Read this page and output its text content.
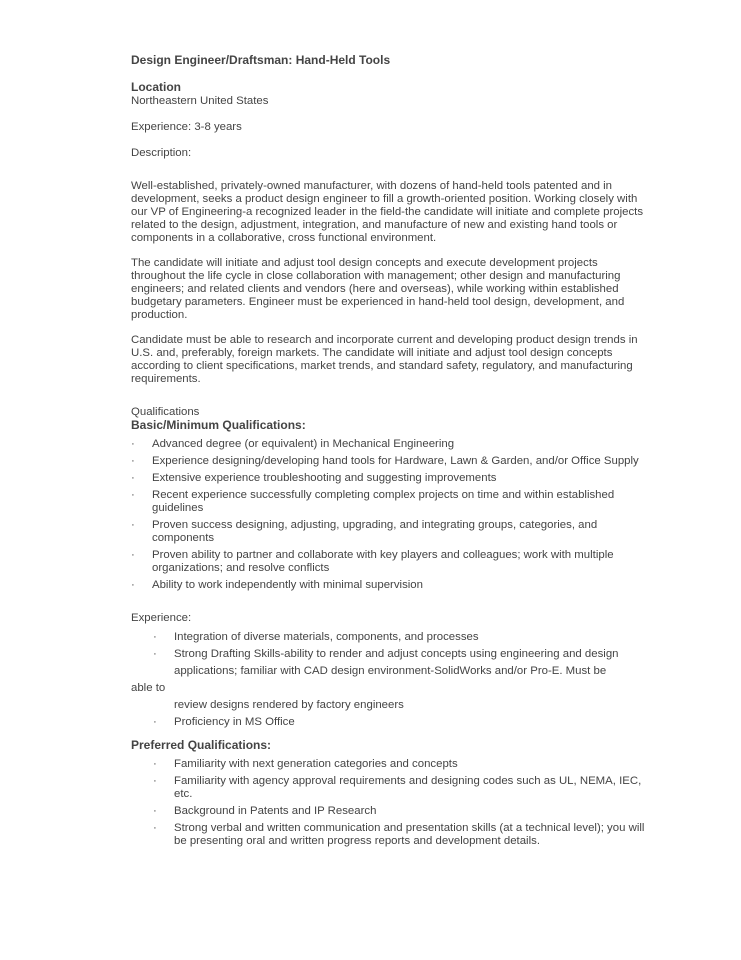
Design Engineer/Draftsman: Hand-Held Tools
Location
Northeastern United States
Experience: 3-8 years
Description:
Well-established, privately-owned manufacturer, with dozens of hand-held tools patented and in development, seeks a product design engineer to fill a growth-oriented position. Working closely with our VP of Engineering-a recognized leader in the field-the candidate will initiate and complete projects related to the design, adjustment, integration, and manufacture of new and existing hand tools or components in a collaborative, cross functional environment.
The candidate will initiate and adjust tool design concepts and execute development projects throughout the life cycle in close collaboration with management; other design and manufacturing engineers; and related clients and vendors (here and overseas), while working within established budgetary parameters. Engineer must be experienced in hand-held tool design, development, and production.
Candidate must be able to research and incorporate current and developing product design trends in U.S. and, preferably, foreign markets. The candidate will initiate and adjust tool design concepts according to client specifications, market trends, and standard safety, regulatory, and manufacturing requirements.
Qualifications
Basic/Minimum Qualifications:
· Advanced degree (or equivalent) in Mechanical Engineering
· Experience designing/developing hand tools for Hardware, Lawn & Garden, and/or Office Supply
· Extensive experience troubleshooting and suggesting improvements
· Recent experience successfully completing complex projects on time and within established guidelines
· Proven success designing, adjusting, upgrading, and integrating groups, categories, and components
· Proven ability to partner and collaborate with key players and colleagues; work with multiple organizations; and resolve conflicts
· Ability to work independently with minimal supervision
Experience:
· Integration of diverse materials, components, and processes
· Strong Drafting Skills-ability to render and adjust concepts using engineering and design
applications; familiar with CAD design environment-SolidWorks and/or Pro-E. Must be
able to
review designs rendered by factory engineers
· Proficiency in MS Office
Preferred Qualifications:
· Familiarity with next generation categories and concepts
· Familiarity with agency approval requirements and designing codes such as UL, NEMA, IEC, etc.
· Background in Patents and IP Research
· Strong verbal and written communication and presentation skills (at a technical level); you will be presenting oral and written progress reports and development details.
